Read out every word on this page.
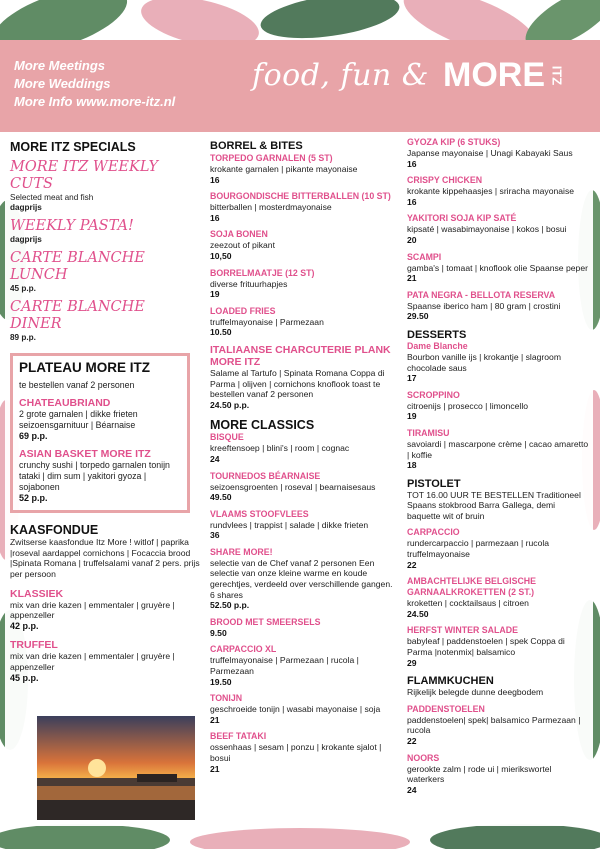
More Meetings
More Weddings
More Info www.more-itz.nl
food, fun & MORE ITZ
MORE ITZ SPECIALS
MORE ITZ WEEKLY CUTS
Selected meat and fish
dagprijs
WEEKLY PASTA!
dagprijs
CARTE BLANCHE LUNCH
45 p.p.
CARTE BLANCHE DINER
89 p.p.
PLATEAU MORE ITZ
te bestellen vanaf 2 personen
CHATEAUBRIAND
2 grote garnalen | dikke frieten seizoensgarnituur | Béarnaise
69 p.p.
ASIAN BASKET MORE ITZ
crunchy sushi | torpedo garnalen tonijn tataki | dim sum | yakitori gyoza | sojabonen
52 p.p.
KAASFONDUE
Zwitserse kaasfondue Itz More ! witlof | paprika |roseval aardappel cornichons | Focaccia brood |Spinata Romana | truffelsalami vanaf 2 pers. prijs per persoon
KLASSIEK
mix van drie kazen | emmentaler | gruyère | appenzeller
42 p.p.
TRUFFEL
mix van drie kazen | emmentaler | gruyère | appenzeller
45 p.p.
BORREL & BITES
TORPEDO GARNALEN (5 ST)
krokante garnalen | pikante mayonaise
16
BOURGONDISCHE BITTERBALLEN (10 ST)
bitterballen | mosterdmayonaise
16
SOJA BONEN
zeezout of pikant
10,50
BORRELMAATJE (12 ST)
diverse frituurhapjes
19
LOADED FRIES
truffelmayonaise | Parmezaan
10.50
ITALIAANSE CHARCUTERIE PLANK MORE ITZ
Salame al Tartufo | Spinata Romana Coppa di Parma | olijven | cornichons knoflook toast te bestellen vanaf 2 personen
24.50 p.p.
MORE CLASSICS
BISQUE
kreeftensoep | blini's | room | cognac
24
TOURNEDOS BÉARNAISE
seizoensgroenten | roseval | bearnaisesaus
49.50
VLAAMS STOOFVLEES
rundvlees | trappist | salade | dikke frieten
36
SHARE MORE!
selectie van de Chef vanaf 2 personen Een selectie van onze kleine warme en koude gerechtjes, verdeeld over verschillende gangen. 6 shares
52.50 p.p.
BROOD MET SMEERSELS
9.50
CARPACCIO XL
truffelmayonaise | Parmezaan | rucola | Parmezaan
19.50
TONIJN
geschroeide tonijn | wasabi mayonaise | soja
21
BEEF TATAKI
ossenhaas | sesam | ponzu | krokante sjalot | bosui
21
GYOZA KIP (6 STUKS)
Japanse mayonaise | Unagi Kabayaki Saus
16
CRISPY CHICKEN
krokante kippehaasjes | sriracha mayonaise
16
YAKITORI SOJA KIP SATÉ
kipsaté | wasabimayonaise | kokos | bosui
20
SCAMPI
gamba's | tomaat | knoflook olie Spaanse peper
21
PATA NEGRA - BELLOTA RESERVA
Spaanse iberico ham | 80 gram | crostini
29.50
DESSERTS
Dame Blanche
Bourbon vanille ijs | krokantje | slagroom chocolade saus
17
SCROPPINO
citroenijs | prosecco | limoncello
19
TIRAMISU
savoiardi | mascarpone crème | cacao amaretto | koffie
18
PISTOLET
TOT 16.00 UUR TE BESTELLEN Traditioneel Spaans stokbrood Barra Gallega, demi baquette wit of bruin
CARPACCIO
rundercarpaccio | parmezaan | rucola truffelmayonaise
22
AMBACHTELIJKE BELGISCHE GARNAALKROKETTEN (2 ST.)
kroketten | cocktailsaus | citroen
24.50
HERFST WINTER SALADE
babyleaf | paddenstoelen | spek Coppa di Parma |notenmix| balsamico
29
FLAMMKUCHEN
Rijkelijk belegde dunne deegbodem
PADDENSTOELEN
paddenstoelen| spek| balsamico Parmezaan | rucola
22
NOORS
gerookte zalm | rode ui | mierikswortel waterkers
24
